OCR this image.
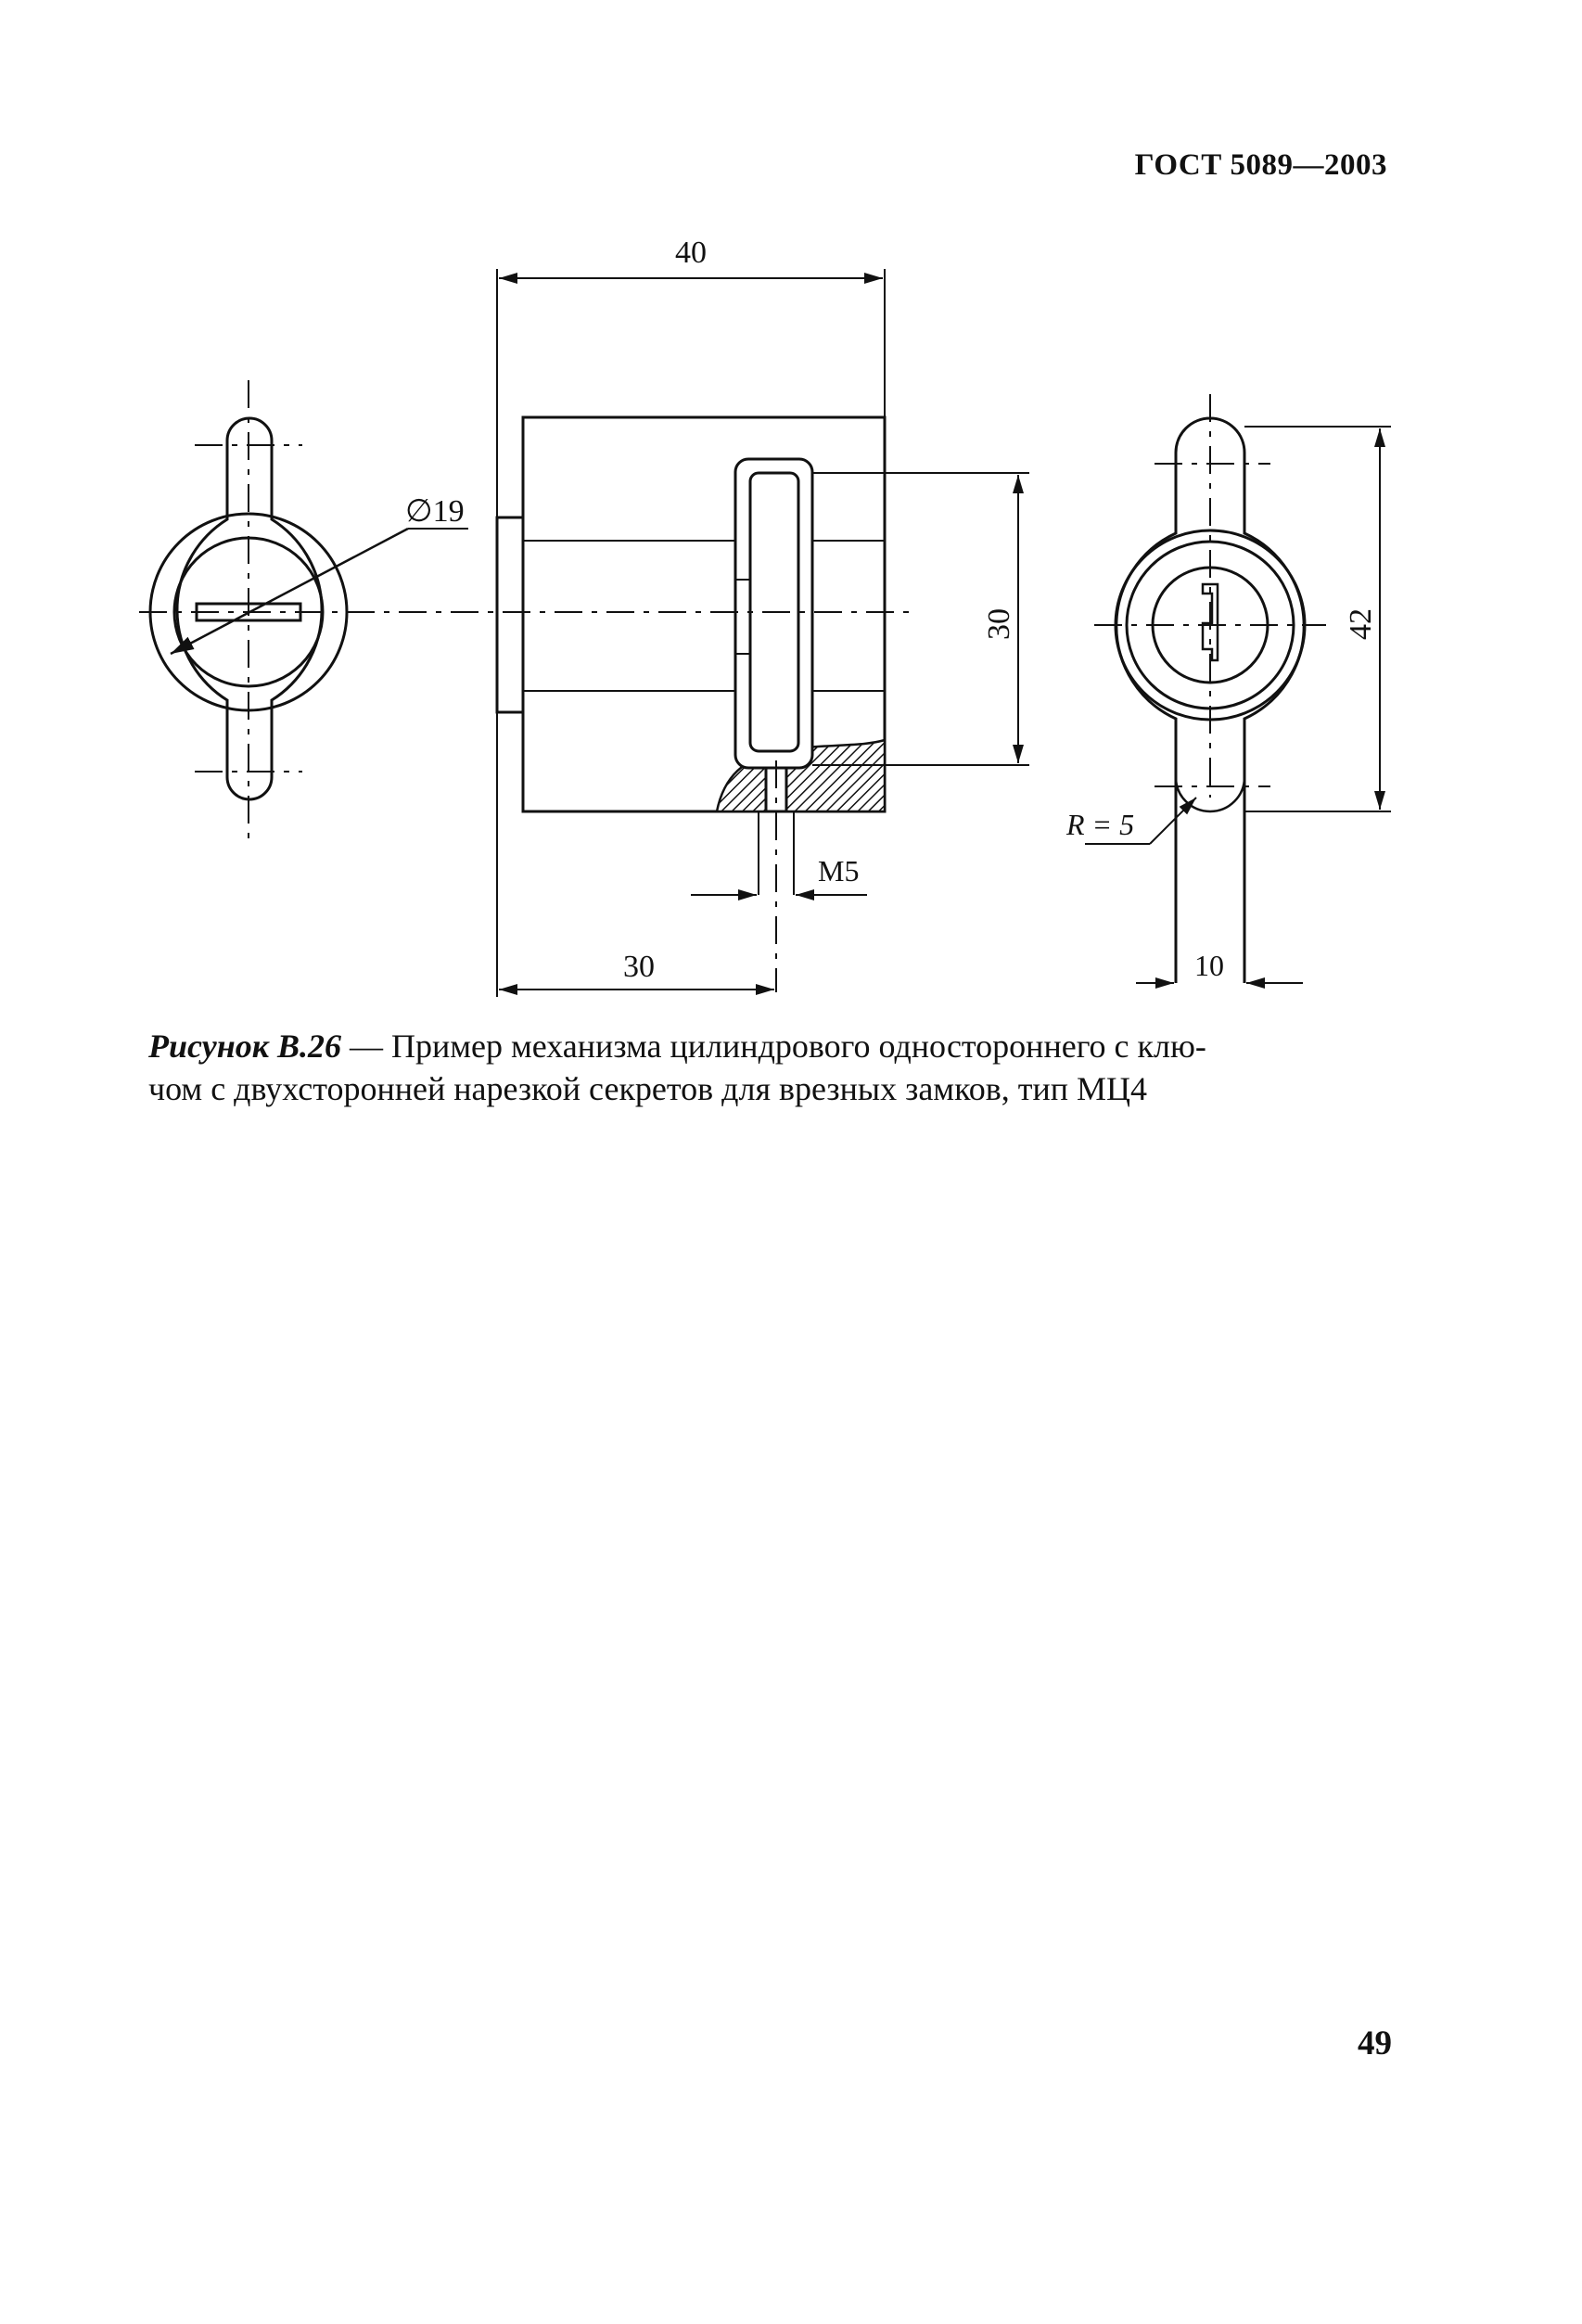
ГОСТ 5089—2003
∅19
40
30
M5
30
42
R = 5
10
Рисунок В.26 — Пример механизма цилиндрового одностороннего с клю-
чом с двухсторонней нарезкой секретов для врезных замков, тип МЦ4
49
